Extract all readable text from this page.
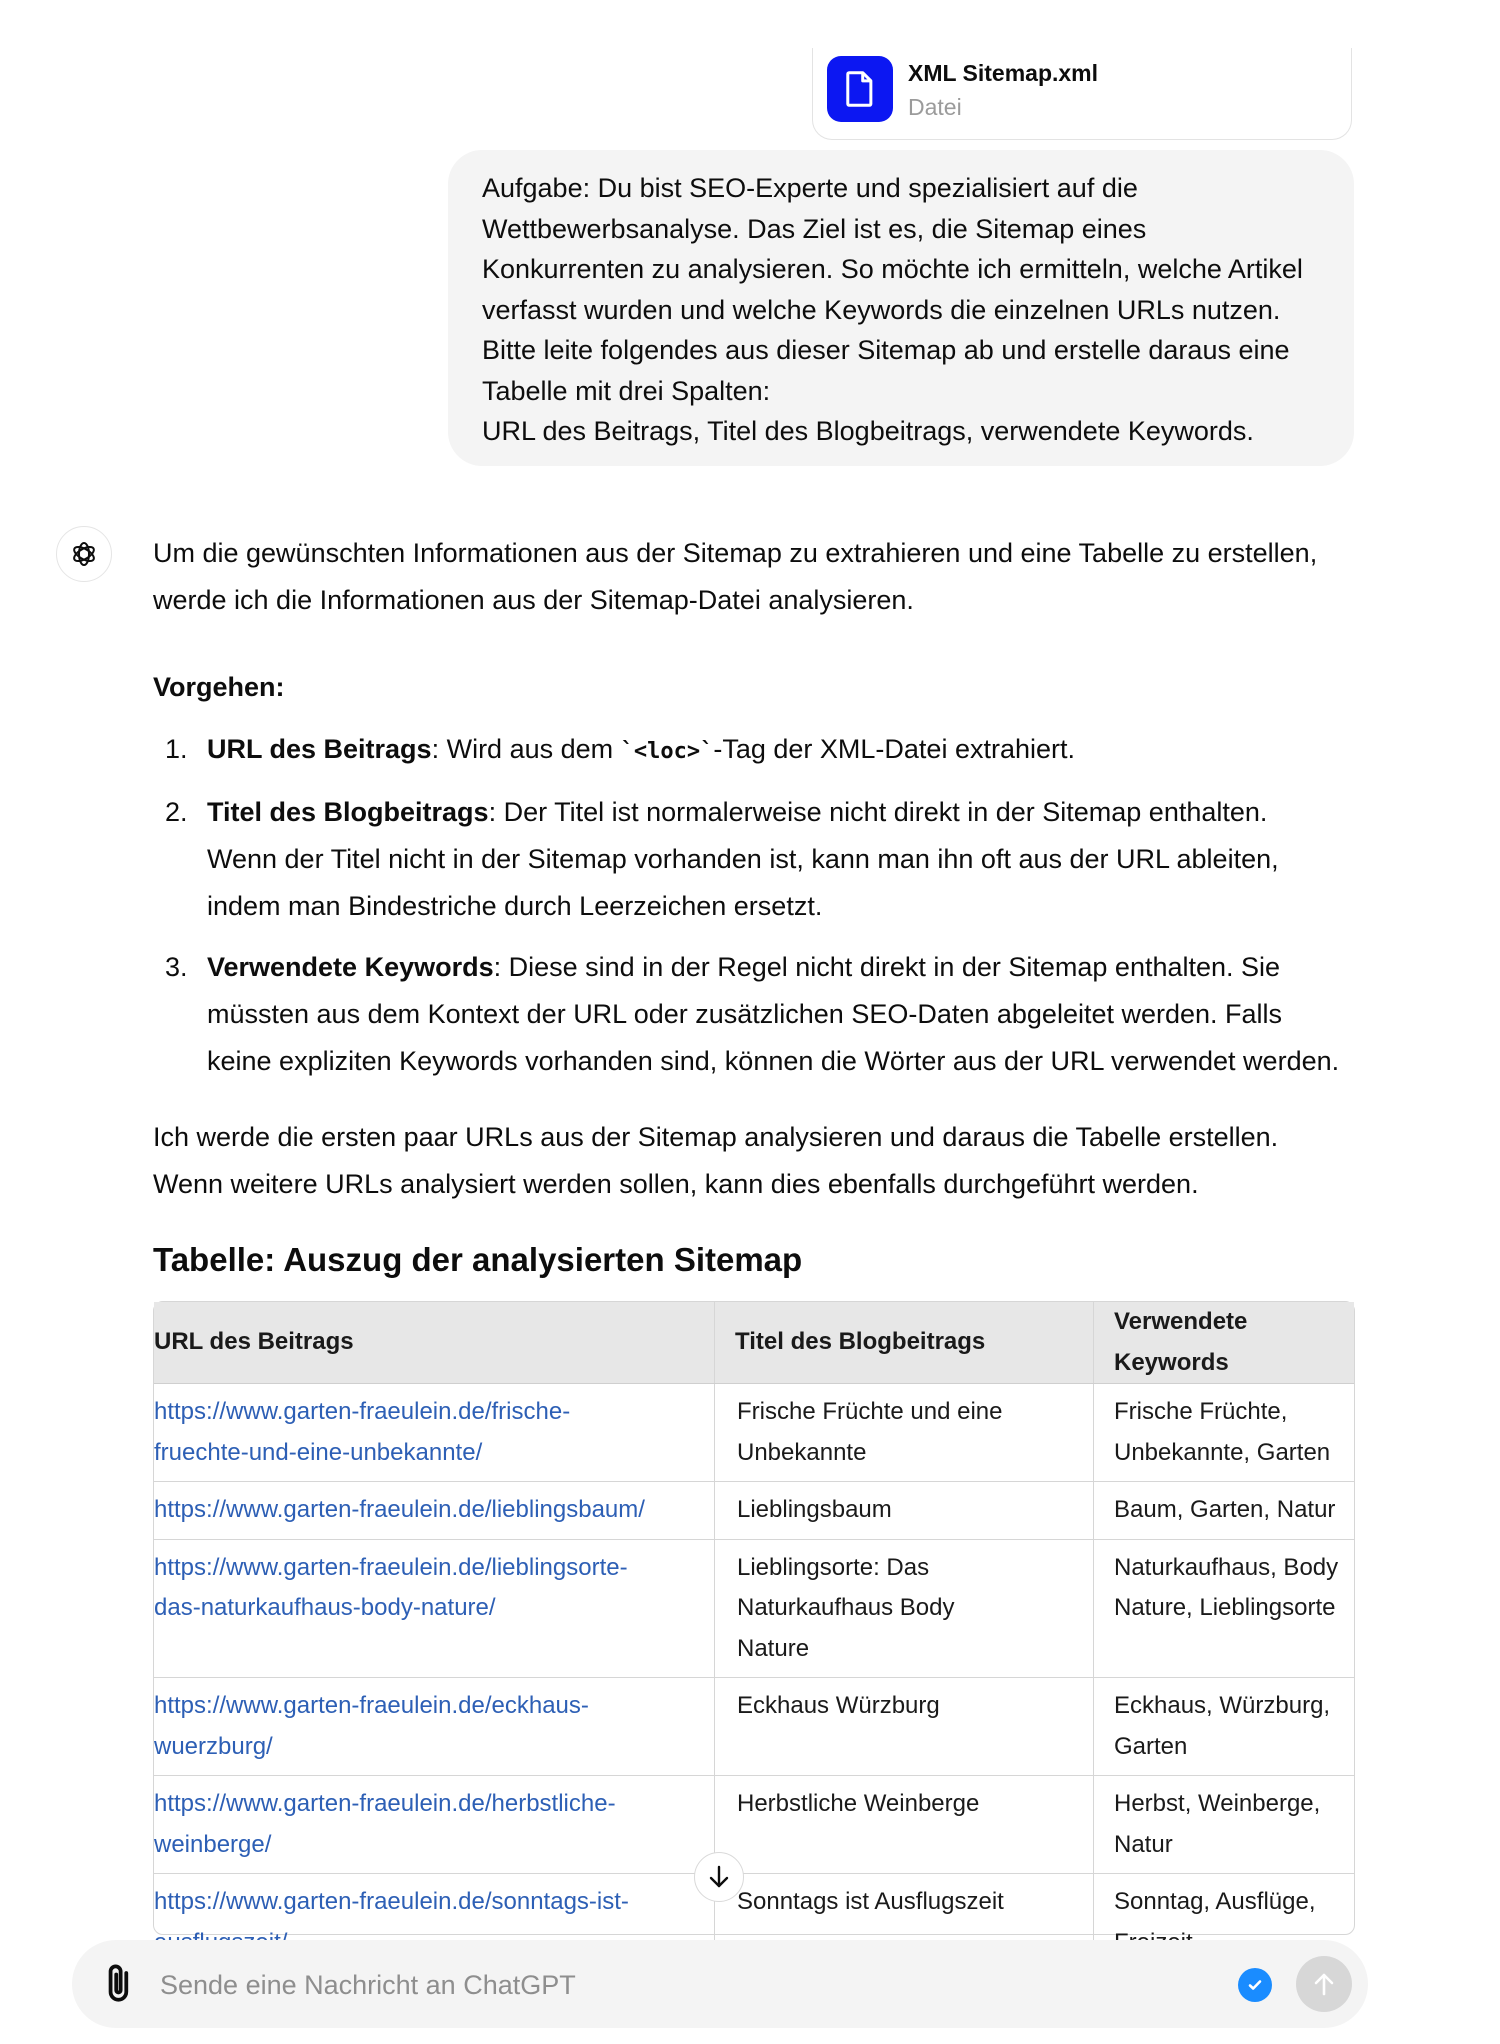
XML Sitemap.xml
Datei

Aufgabe: Du bist SEO-Experte und spezialisiert auf die

Wettbewerbsanalyse. Das Ziel ist es, die Sitemap eines

Konkurrenten zu analysieren. So möchte ich ermitteln, welche Artikel

verfasst wurden und welche Keywords die einzelnen URLs nutzen.

Bitte leite folgendes aus dieser Sitemap ab und erstelle daraus eine

Tabelle mit drei Spalten:

URL des Beitrags, Titel des Blogbeitrags, verwendete Keywords.

Um die gewünschten Informationen aus der Sitemap zu extrahieren und eine Tabelle zu erstellen,

werde ich die Informationen aus der Sitemap-Datei analysieren.

Vorgehen:
1. URL des Beitrags: Wird aus dem `<loc>`-Tag der XML-Datei extrahiert.
2. Titel des Blogbeitrags: Der Titel ist normalerweise nicht direkt in der Sitemap enthalten.
Wenn der Titel nicht in der Sitemap vorhanden ist, kann man ihn oft aus der URL ableiten,
indem man Bindestriche durch Leerzeichen ersetzt.
3. Verwendete Keywords: Diese sind in der Regel nicht direkt in der Sitemap enthalten. Sie
müssten aus dem Kontext der URL oder zusätzlichen SEO-Daten abgeleitet werden. Falls
keine expliziten Keywords vorhanden sind, können die Wörter aus der URL verwendet werden.

Ich werde die ersten paar URLs aus der Sitemap analysieren und daraus die Tabelle erstellen.

Wenn weitere URLs analysiert werden sollen, kann dies ebenfalls durchgeführt werden.

Tabelle: Auszug der analysierten Sitemap
URL des Beitrags	Titel des Blogbeitrags	Verwendete Keywords
https://www.garten-fraeulein.de/frische-
fruechte-und-eine-unbekannte/	Frische Früchte und eine
Unbekannte	Frische Früchte,
Unbekannte, Garten
https://www.garten-fraeulein.de/lieblingsbaum/	Lieblingsbaum	Baum, Garten, Natur
https://www.garten-fraeulein.de/lieblingsorte-
das-naturkaufhaus-body-nature/	Lieblingsorte: Das
Naturkaufhaus Body
Nature	Naturkaufhaus, Body
Nature, Lieblingsorte
https://www.garten-fraeulein.de/eckhaus-
wuerzburg/	Eckhaus Würzburg	Eckhaus, Würzburg,
Garten
https://www.garten-fraeulein.de/herbstliche-
weinberge/	Herbstliche Weinberge	Herbst, Weinberge, Natur
https://www.garten-fraeulein.de/sonntags-ist-	Sonntags ist Ausflugszeit	Sonntag, Ausflüge,

Sende eine Nachricht an ChatGPT
